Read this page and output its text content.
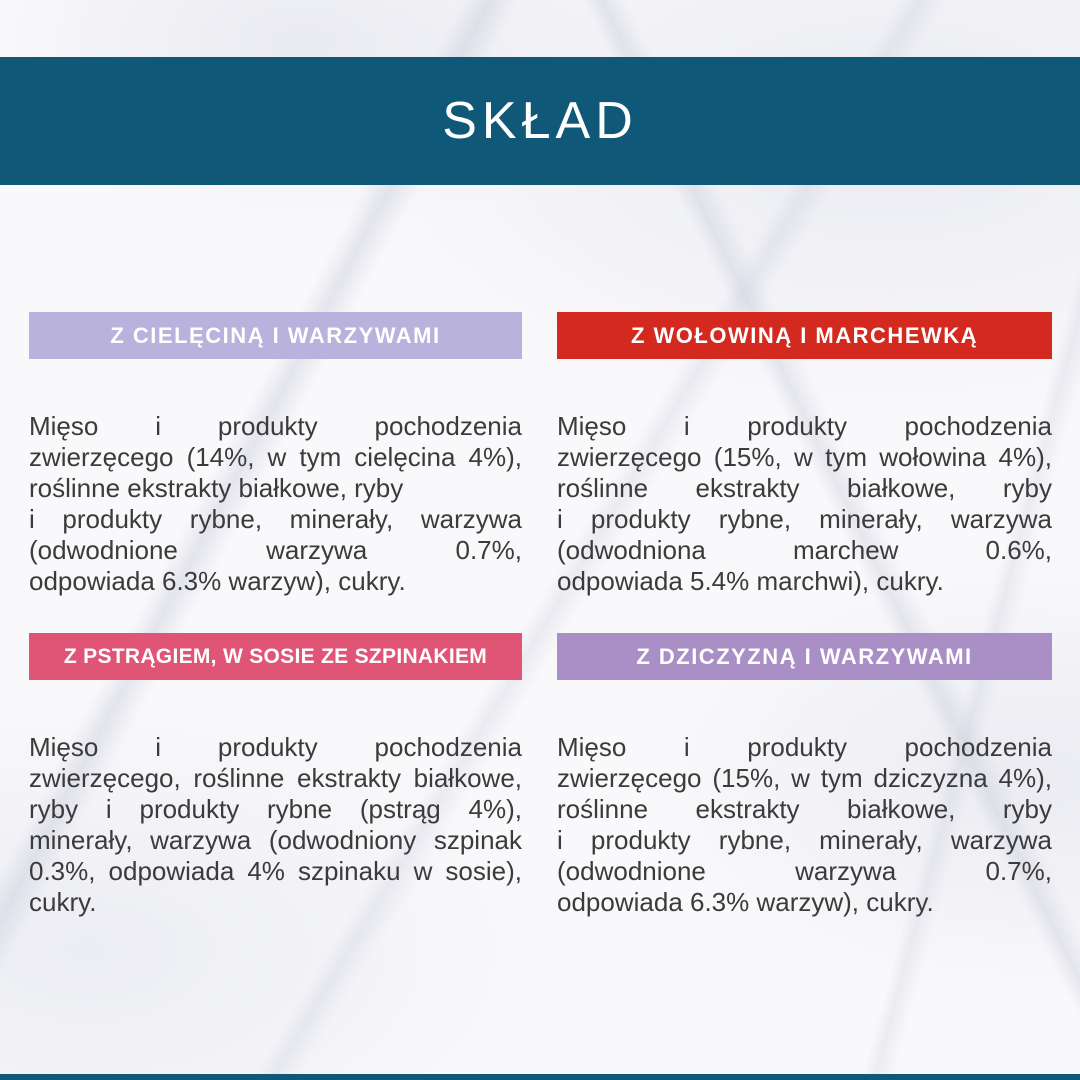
SKŁAD
Z CIELĘCINĄ I WARZYWAMI

Mięso i produkty pochodzenia zwierzęcego (14%, w tym cielęcina 4%), roślinne ekstrakty białkowe, ryby

i produkty rybne, minerały, warzywa (odwodnione warzywa 0.7%,

odpowiada 6.3% warzyw), cukry.

Z WOŁOWINĄ I MARCHEWKĄ

Mięso i produkty pochodzenia zwierzęcego (15%, w tym wołowina 4%), roślinne ekstrakty białkowe, ryby

i produkty rybne, minerały, warzywa (odwodniona marchew 0.6%,

odpowiada 5.4% marchwi), cukry.

Z PSTRĄGIEM, W SOSIE ZE SZPINAKIEM

Mięso i produkty pochodzenia zwierzęcego, roślinne ekstrakty białkowe, ryby i produkty rybne (pstrąg 4%), minerały, warzywa (odwodniony szpinak 0.3%, odpowiada 4% szpinaku w sosie), cukry.

Z DZICZYZNĄ I WARZYWAMI

Mięso i produkty pochodzenia zwierzęcego (15%, w tym dziczyzna 4%), roślinne ekstrakty białkowe, ryby

i produkty rybne, minerały, warzywa (odwodnione warzywa 0.7%,

odpowiada 6.3% warzyw), cukry.
